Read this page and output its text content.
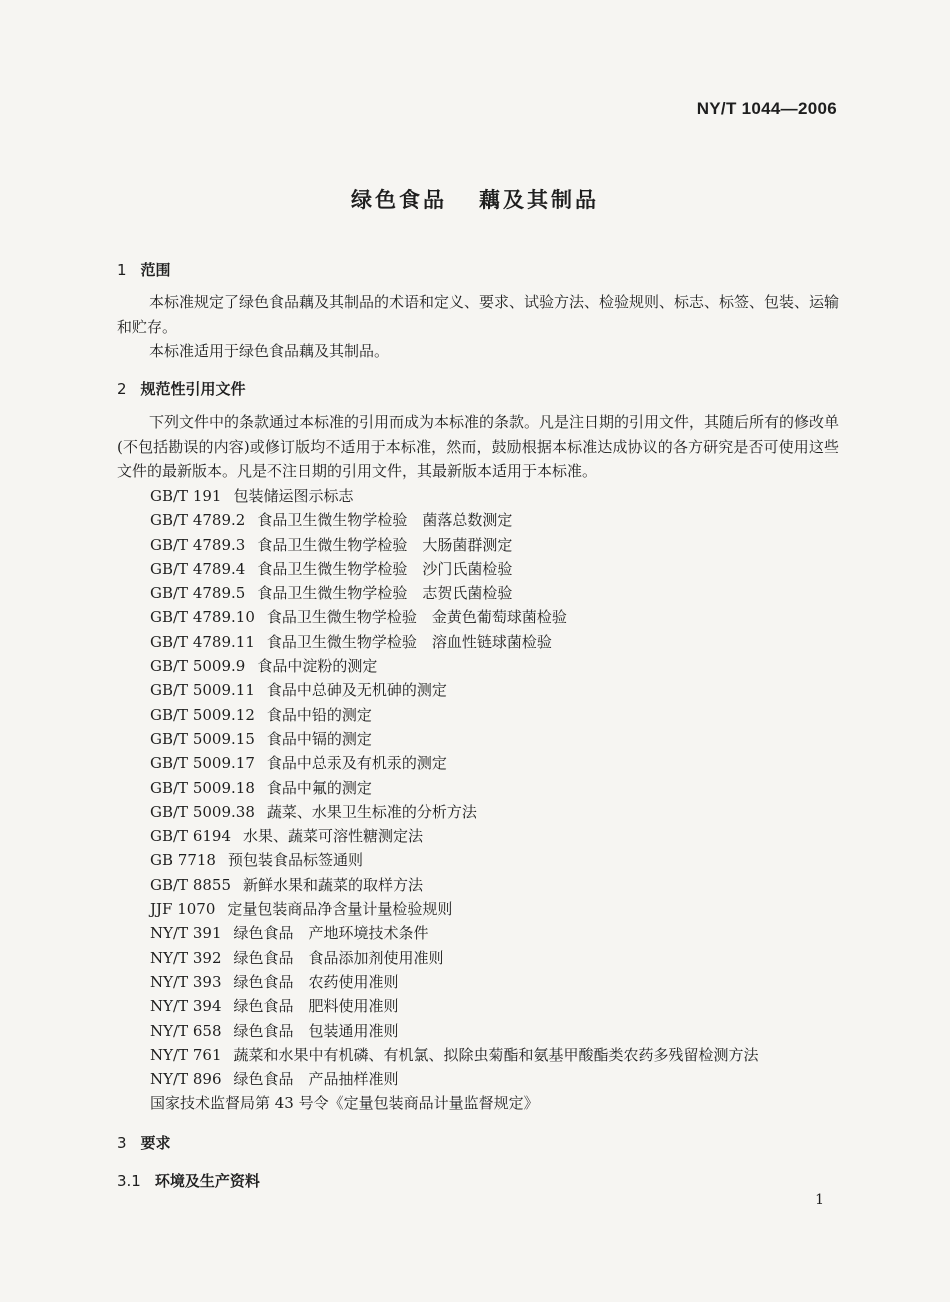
NY/T 1044—2006
绿色食品 藕及其制品
1 范围
本标准规定了绿色食品藕及其制品的术语和定义、要求、试验方法、检验规则、标志、标签、包装、运输和贮存。
本标准适用于绿色食品藕及其制品。
2 规范性引用文件
下列文件中的条款通过本标准的引用而成为本标准的条款。凡是注日期的引用文件，其随后所有的修改单(不包括勘误的内容)或修订版均不适用于本标准，然而，鼓励根据本标准达成协议的各方研究是否可使用这些文件的最新版本。凡是不注日期的引用文件，其最新版本适用于本标准。
GB/T 191 包装储运图示标志
GB/T 4789.2 食品卫生微生物学检验　菌落总数测定
GB/T 4789.3 食品卫生微生物学检验　大肠菌群测定
GB/T 4789.4 食品卫生微生物学检验　沙门氏菌检验
GB/T 4789.5 食品卫生微生物学检验　志贺氏菌检验
GB/T 4789.10 食品卫生微生物学检验　金黄色葡萄球菌检验
GB/T 4789.11 食品卫生微生物学检验　溶血性链球菌检验
GB/T 5009.9 食品中淀粉的测定
GB/T 5009.11 食品中总砷及无机砷的测定
GB/T 5009.12 食品中铅的测定
GB/T 5009.15 食品中镉的测定
GB/T 5009.17 食品中总汞及有机汞的测定
GB/T 5009.18 食品中氟的测定
GB/T 5009.38 蔬菜、水果卫生标准的分析方法
GB/T 6194 水果、蔬菜可溶性糖测定法
GB 7718 预包装食品标签通则
GB/T 8855 新鲜水果和蔬菜的取样方法
JJF 1070 定量包装商品净含量计量检验规则
NY/T 391 绿色食品　产地环境技术条件
NY/T 392 绿色食品　食品添加剂使用准则
NY/T 393 绿色食品　农药使用准则
NY/T 394 绿色食品　肥料使用准则
NY/T 658 绿色食品　包装通用准则
NY/T 761 蔬菜和水果中有机磷、有机氯、拟除虫菊酯和氨基甲酸酯类农药多残留检测方法
NY/T 896 绿色食品　产品抽样准则
国家技术监督局第 43 号令《定量包装商品计量监督规定》
3 要求
3.1 环境及生产资料
1
